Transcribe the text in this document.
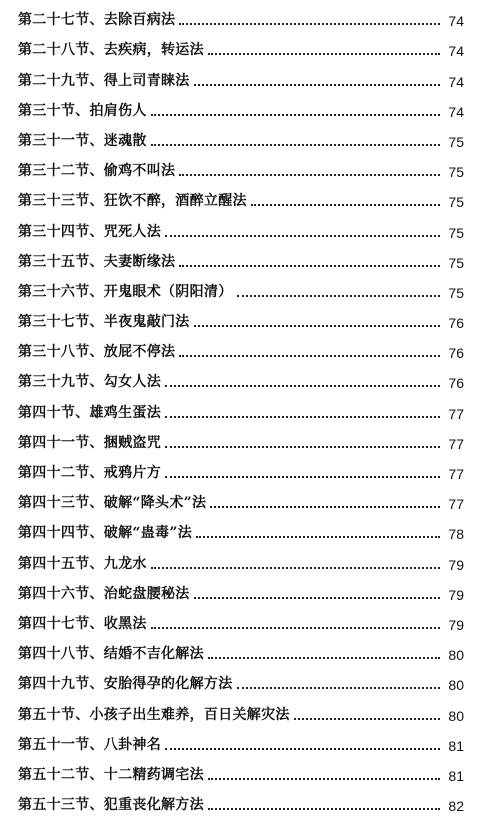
第二十七节、去除百病法	74
第二十八节、去疾病，转运法	74
第二十九节、得上司青睐法	74
第三十节、拍肩伤人	74
第三十一节、迷魂散	75
第三十二节、偷鸡不叫法	75
第三十三节、狂饮不醉，酒醉立醒法	75
第三十四节、咒死人法	75
第三十五节、夫妻断缘法	75
第三十六节、开鬼眼术（阴阳清）	75
第三十七节、半夜鬼敲门法	76
第三十八节、放屁不停法	76
第三十九节、勾女人法	76
第四十节、雄鸡生蛋法	77
第四十一节、捆贼盗咒	77
第四十二节、戒鸦片方	77
第四十三节、破解“降头术”法	77
第四十四节、破解“蛊毒”法	78
第四十五节、九龙水	79
第四十六节、治蛇盘腰秘法	79
第四十七节、收黑法	79
第四十八节、结婚不吉化解法	80
第四十九节、安胎得孕的化解方法	80
第五十节、小孩子出生难养，百日关解灾法	80
第五十一节、八卦神名	81
第五十二节、十二精药调宅法	81
第五十三节、犯重丧化解方法	82
